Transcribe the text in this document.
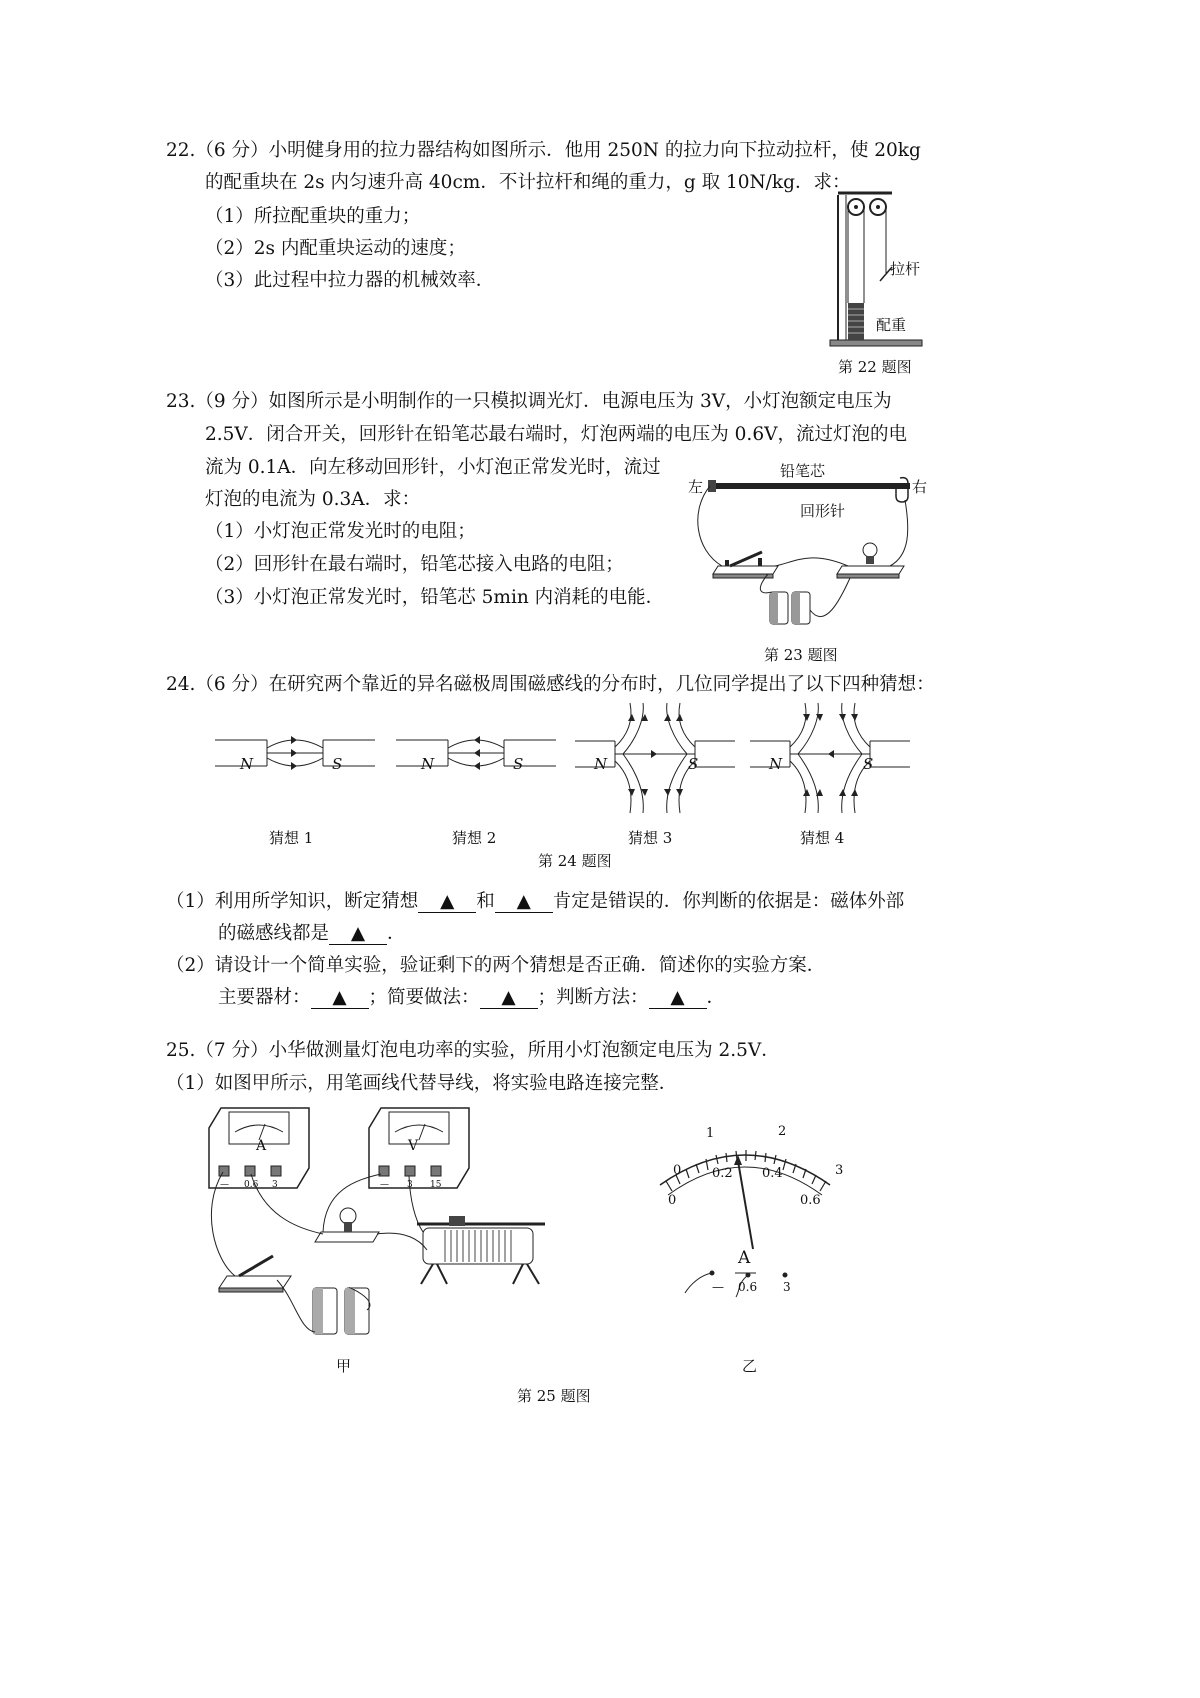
22.（6 分）小明健身用的拉力器结构如图所示．他用 250N 的拉力向下拉动拉杆，使 20kg
的配重块在 2s 内匀速升高 40cm．不计拉杆和绳的重力，g 取 10N/kg．求：
（1）所拉配重块的重力；
（2）2s 内配重块运动的速度；
（3）此过程中拉力器的机械效率．
拉杆
配重
第 22 题图
23.（9 分）如图所示是小明制作的一只模拟调光灯．电源电压为 3V，小灯泡额定电压为
2.5V．闭合开关，回形针在铅笔芯最右端时，灯泡两端的电压为 0.6V，流过灯泡的电
流为 0.1A．向左移动回形针，小灯泡正常发光时，流过
灯泡的电流为 0.3A．求：
（1）小灯泡正常发光时的电阻；
（2）回形针在最右端时，铅笔芯接入电路的电阻；
（3）小灯泡正常发光时，铅笔芯 5min 内消耗的电能．
铅笔芯
左	右
回形针
第 23 题图
24.（6 分）在研究两个靠近的异名磁极周围磁感线的分布时，几位同学提出了以下四种猜想：
N	S	N	S	N	S	N	S
猜想 1	猜想 2	猜想 3	猜想 4
第 24 题图
（1）利用所学知识，断定猜想 ▲ 和 ▲ 肯定是错误的．你判断的依据是：磁体外部
的磁感线都是 ▲ ．
（2）请设计一个简单实验，验证剩下的两个猜想是否正确．简述你的实验方案．
主要器材： ▲ ；简要做法： ▲ ；判断方法： ▲ ．
25.（7 分）小华做测量灯泡电功率的实验，所用小灯泡额定电压为 2.5V．
（1）如图甲所示，用笔画线代替导线，将实验电路连接完整．
A	V
— 0.6 3	— 3 15
0
1	2
3
0
0.2 0.4
0.6
A
— 0.6 3
甲	乙
第 25 题图
